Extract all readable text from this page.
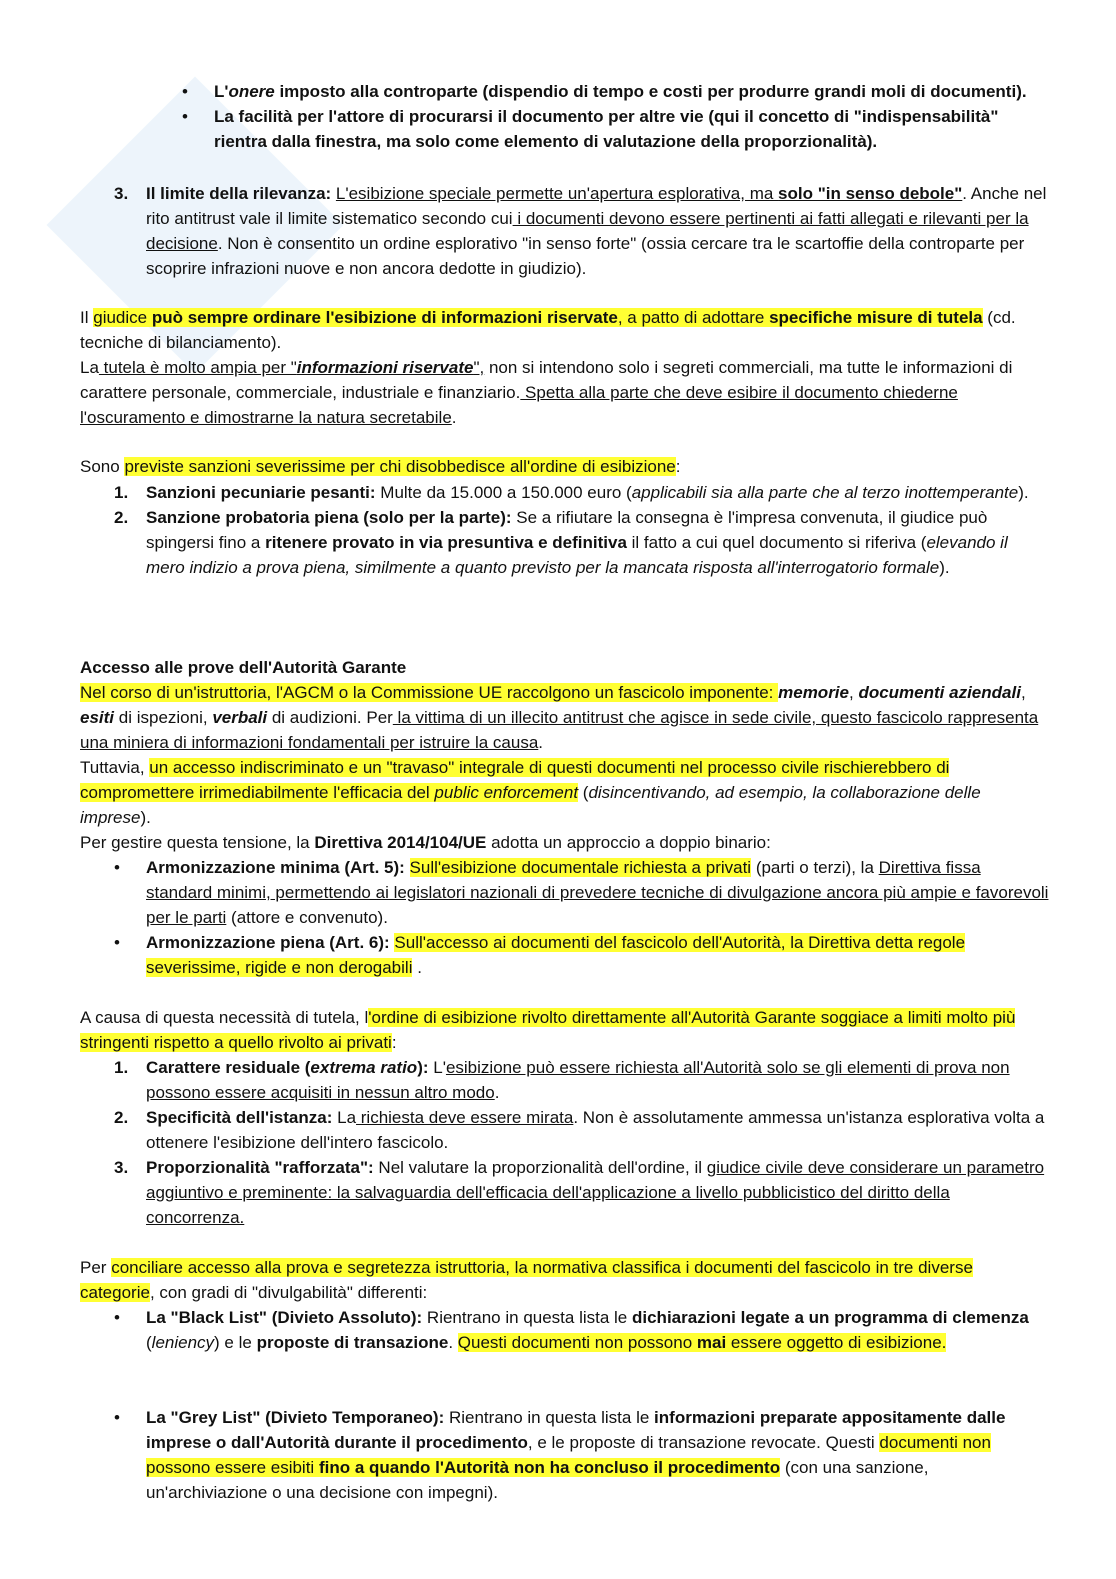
• L'onere imposto alla controparte (dispendio di tempo e costi per produrre grandi moli di documenti).

• La facilità per l'attore di procurarsi il documento per altre vie (qui il concetto di "indispensabilità" rientra dalla finestra, ma solo come elemento di valutazione della proporzionalità).

3. Il limite della rilevanza: L'esibizione speciale permette un'apertura esplorativa, ma solo "in senso debole". Anche nel rito antitrust vale il limite sistematico secondo cui i documenti devono essere pertinenti ai fatti allegati e rilevanti per la decisione. Non è consentito un ordine esplorativo "in senso forte" (ossia cercare tra le scartoffie della controparte per scoprire infrazioni nuove e non ancora dedotte in giudizio).

Il giudice può sempre ordinare l'esibizione di informazioni riservate, a patto di adottare specifiche misure di tutela (cd. tecniche di bilanciamento).

La tutela è molto ampia per "informazioni riservate", non si intendono solo i segreti commerciali, ma tutte le informazioni di carattere personale, commerciale, industriale e finanziario. Spetta alla parte che deve esibire il documento chiederne l'oscuramento e dimostrarne la natura secretabile.

Sono previste sanzioni severissime per chi disobbedisce all'ordine di esibizione:

1. Sanzioni pecuniarie pesanti: Multe da 15.000 a 150.000 euro (applicabili sia alla parte che al terzo inottemperante).

2. Sanzione probatoria piena (solo per la parte): Se a rifiutare la consegna è l'impresa convenuta, il giudice può spingersi fino a ritenere provato in via presuntiva e definitiva il fatto a cui quel documento si riferiva (elevando il mero indizio a prova piena, similmente a quanto previsto per la mancata risposta all'interrogatorio formale).

Accesso alle prove dell'Autorità Garante

Nel corso di un'istruttoria, l'AGCM o la Commissione UE raccolgono un fascicolo imponente: memorie, documenti aziendali, esiti di ispezioni, verbali di audizioni. Per la vittima di un illecito antitrust che agisce in sede civile, questo fascicolo rappresenta una miniera di informazioni fondamentali per istruire la causa.

Tuttavia, un accesso indiscriminato e un "travaso" integrale di questi documenti nel processo civile rischierebbero di compromettere irrimediabilmente l'efficacia del public enforcement (disincentivando, ad esempio, la collaborazione delle imprese).

Per gestire questa tensione, la Direttiva 2014/104/UE adotta un approccio a doppio binario:

• Armonizzazione minima (Art. 5): Sull'esibizione documentale richiesta a privati (parti o terzi), la Direttiva fissa standard minimi, permettendo ai legislatori nazionali di prevedere tecniche di divulgazione ancora più ampie e favorevoli per le parti (attore e convenuto).

• Armonizzazione piena (Art. 6): Sull'accesso ai documenti del fascicolo dell'Autorità, la Direttiva detta regole severissime, rigide e non derogabili .

A causa di questa necessità di tutela, l'ordine di esibizione rivolto direttamente all'Autorità Garante soggiace a limiti molto più stringenti rispetto a quello rivolto ai privati:

1. Carattere residuale (extrema ratio): L'esibizione può essere richiesta all'Autorità solo se gli elementi di prova non possono essere acquisiti in nessun altro modo.

2. Specificità dell'istanza: La richiesta deve essere mirata. Non è assolutamente ammessa un'istanza esplorativa volta a ottenere l'esibizione dell'intero fascicolo.

3. Proporzionalità "rafforzata": Nel valutare la proporzionalità dell'ordine, il giudice civile deve considerare un parametro aggiuntivo e preminente: la salvaguardia dell'efficacia dell'applicazione a livello pubblicistico del diritto della concorrenza.

Per conciliare accesso alla prova e segretezza istruttoria, la normativa classifica i documenti del fascicolo in tre diverse categorie, con gradi di "divulgabilità" differenti:

• La "Black List" (Divieto Assoluto): Rientrano in questa lista le dichiarazioni legate a un programma di clemenza (leniency) e le proposte di transazione. Questi documenti non possono mai essere oggetto di esibizione.

• La "Grey List" (Divieto Temporaneo): Rientrano in questa lista le informazioni preparate appositamente dalle imprese o dall'Autorità durante il procedimento, e le proposte di transazione revocate. Questi documenti non possono essere esibiti fino a quando l'Autorità non ha concluso il procedimento (con una sanzione, un'archiviazione o una decisione con impegni).
